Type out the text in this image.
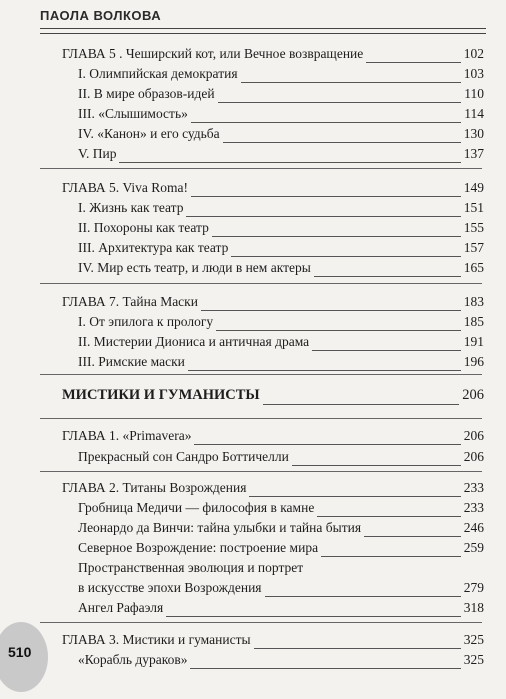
ПАОЛА ВОЛКОВА
ГЛАВА 5 . Чеширский кот, или Вечное возвращение	102
I. Олимпийская демократия	103
II. В мире образов-идей	110
III. «Слышимость»	114
IV. «Канон» и его судьба	130
V. Пир	137
ГЛАВА 5. Viva Roma!	149
I. Жизнь как театр	151
II. Похороны как театр	155
III. Архитектура как театр	157
IV. Мир есть театр, и люди в нем актеры	165
ГЛАВА 7. Тайна Маски	183
I. От эпилога к прологу	185
II. Мистерии Диониса и античная драма	191
III. Римские маски	196
МИСТИКИ И ГУМАНИСТЫ	206
ГЛАВА 1. «Primavera»	206
Прекрасный сон Сандро Боттичелли	206
ГЛАВА 2. Титаны Возрождения	233
Гробница Медичи — философия в камне	233
Леонардо да Винчи: тайна улыбки и тайна бытия	246
Северное Возрождение: построение мира	259
Пространственная эволюция и портрет
в искусстве эпохи Возрождения	279
Ангел Рафаэля	318
ГЛАВА 3. Мистики и гуманисты	325
«Корабль дураков»	325
510
